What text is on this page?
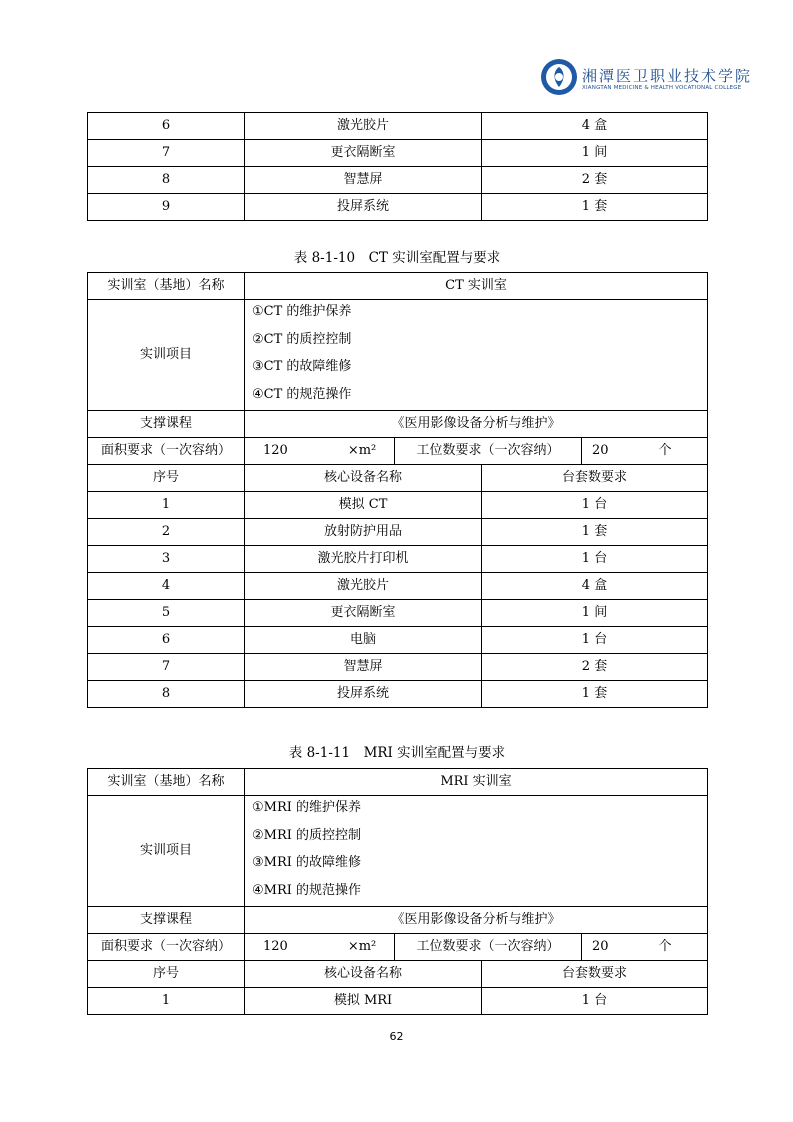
湘潭医卫职业技术学院
XIANGTAN MEDICINE & HEALTH VOCATIONAL COLLEGE
6	激光胶片	4 盒
7	更衣隔断室	1 间
8	智慧屏	2 套
9	投屏系统	1 套
表 8-1-10　CT 实训室配置与要求
实训室（基地）名称	CT 实训室			
实训项目	①CT 的维护保养
②CT 的质控控制
③CT 的故障维修
④CT 的规范操作			

支撑课程	《医用影像设备分析与维护》			
面积要求（一次容纳）	120 ×m²	工位数要求（一次容纳）		20 个
序号	核心设备名称		台套数要求	
1	模拟 CT		1 台	
2	放射防护用品		1 套	
3	激光胶片打印机		1 台	
4	激光胶片		4 盒	
5	更衣隔断室		1 间	
6	电脑		1 台	
7	智慧屏		2 套	
8	投屏系统		1 套	
表 8-1-11　MRI 实训室配置与要求
实训室（基地）名称	MRI 实训室			
实训项目	①MRI 的维护保养
②MRI 的质控控制
③MRI 的故障维修
④MRI 的规范操作			

支撑课程	《医用影像设备分析与维护》			
面积要求（一次容纳）	120 ×m²	工位数要求（一次容纳）		20 个
序号	核心设备名称		台套数要求	
1	模拟 MRI		1 台	
62
